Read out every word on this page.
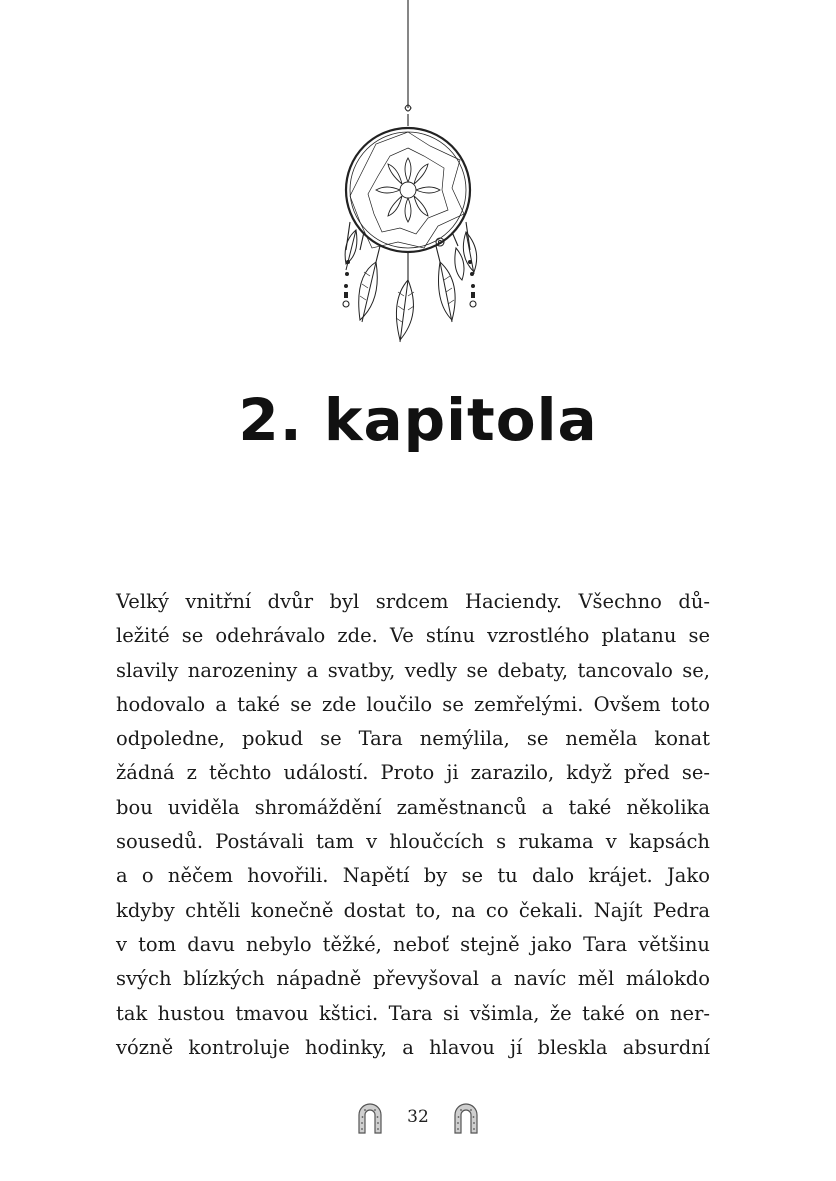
2. kapitola
Velký vnitřní dvůr byl srdcem Haciendy. Všechno dů-
ležité se odehrávalo zde. Ve stínu vzrostlého platanu se
slavily narozeniny a svatby, vedly se debaty, tancovalo se,
hodovalo a také se zde loučilo se zemřelými. Ovšem toto
odpoledne, pokud se Tara nemýlila, se neměla konat
žádná z těchto událostí. Proto ji zarazilo, když před se-
bou uviděla shromáždění zaměstnanců a také několika
sousedů. Postávali tam v hloučcích s rukama v kapsách
a o něčem hovořili. Napětí by se tu dalo krájet. Jako
kdyby chtěli konečně dostat to, na co čekali. Najít Pedra
v tom davu nebylo těžké, neboť stejně jako Tara většinu
svých blízkých nápadně převyšoval a navíc měl málokdo
tak hustou tmavou kštici. Tara si všimla, že také on ner-
vózně kontroluje hodinky, a hlavou jí bleskla absurdní
32
